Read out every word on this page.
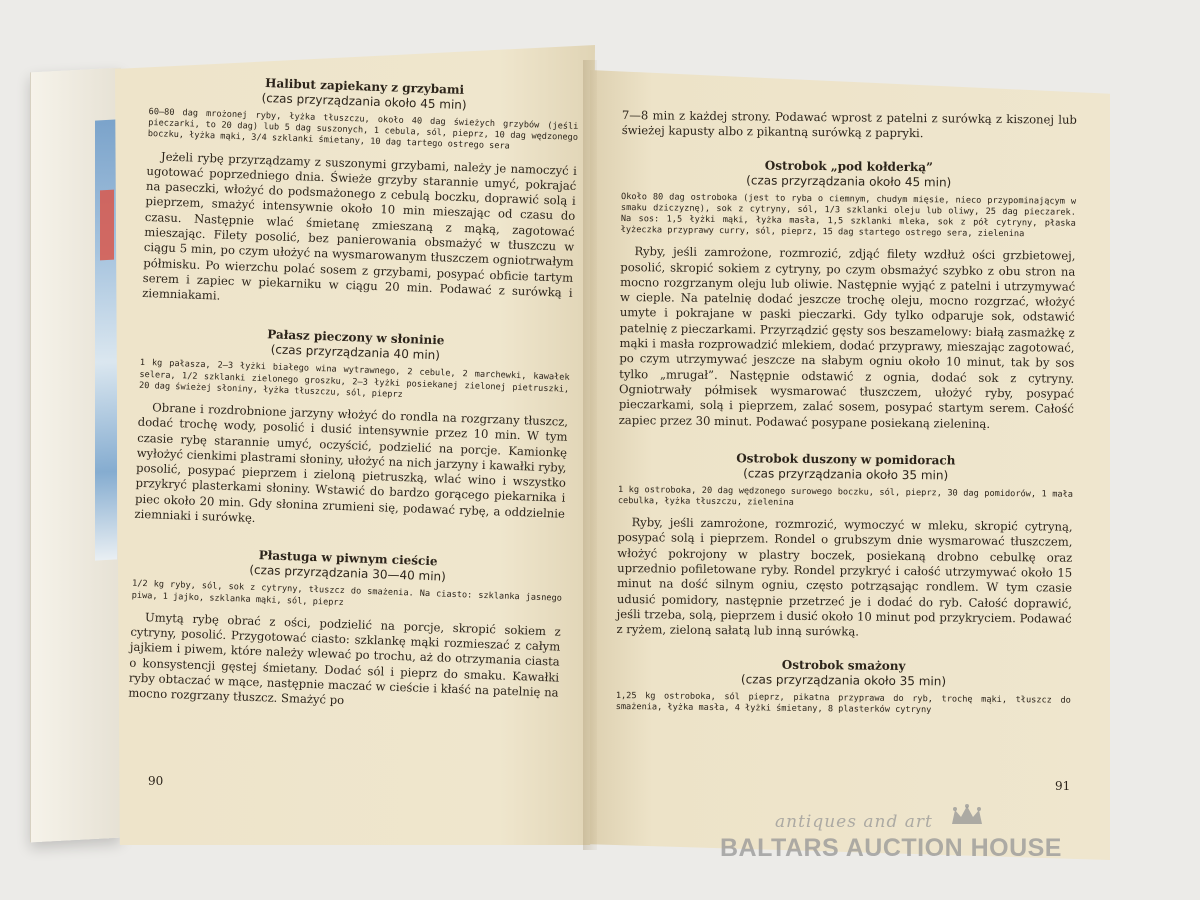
Halibut zapiekany z grzybami
(czas przyrządzania około 45 min)

60—80 dag mrożonej ryby, łyżka tłuszczu, około 40 dag świeżych grzybów (jeśli pieczarki, to 20 dag) lub 5 dag suszonych, 1 cebula, sól, pieprz, 10 dag wędzonego boczku, łyżka mąki, 3/4 szklanki śmietany, 10 dag tartego ostrego sera

Jeżeli rybę przyrządzamy z suszonymi grzybami, należy je namoczyć i ugotować poprzedniego dnia. Świeże grzyby starannie umyć, pokrajać na paseczki, włożyć do podsmażonego z cebulą boczku, doprawić solą i pieprzem, smażyć intensywnie około 10 min mieszając od czasu do czasu. Następnie wlać śmietanę zmieszaną z mąką, zagotować mieszając. Filety posolić, bez panierowania obsmażyć w tłuszczu w ciągu 5 min, po czym ułożyć na wysmarowanym tłuszczem ogniotrwałym półmisku. Po wierzchu polać sosem z grzybami, posypać obficie tartym serem i zapiec w piekarniku w ciągu 20 min. Podawać z surówką i ziemniakami.

Pałasz pieczony w słoninie
(czas przyrządzania 40 min)

1 kg pałasza, 2—3 łyżki białego wina wytrawnego, 2 cebule, 2 marchewki, kawałek selera, 1/2 szklanki zielonego groszku, 2—3 łyżki posiekanej zielonej pietruszki, 20 dag świeżej słoniny, łyżka tłuszczu, sól, pieprz

Obrane i rozdrobnione jarzyny włożyć do rondla na rozgrzany tłuszcz, dodać trochę wody, posolić i dusić intensywnie przez 10 min. W tym czasie rybę starannie umyć, oczyścić, podzielić na porcje. Kamionkę wyłożyć cienkimi plastrami słoniny, ułożyć na nich jarzyny i kawałki ryby, posolić, posypać pieprzem i zieloną pietruszką, wlać wino i wszystko przykryć plasterkami słoniny. Wstawić do bardzo gorącego piekarnika i piec około 20 min. Gdy słonina zrumieni się, podawać rybę, a oddzielnie ziemniaki i surówkę.

Płastuga w piwnym cieście
(czas przyrządzania 30—40 min)

1/2 kg ryby, sól, sok z cytryny, tłuszcz do smażenia. Na ciasto: szklanka jasnego piwa, 1 jajko, szklanka mąki, sól, pieprz

Umytą rybę obrać z ości, podzielić na porcje, skropić sokiem z cytryny, posolić. Przygotować ciasto: szklankę mąki rozmieszać z całym jajkiem i piwem, które należy wlewać po trochu, aż do otrzymania ciasta o konsystencji gęstej śmietany. Dodać sól i pieprz do smaku. Kawałki ryby obtaczać w mące, następnie maczać w cieście i kłaść na patelnię na mocno rozgrzany tłuszcz. Smażyć po

90

7—8 min z każdej strony. Podawać wprost z patelni z surówką z kiszonej lub świeżej kapusty albo z pikantną surówką z papryki.

Ostrobok „pod kołderką”
(czas przyrządzania około 45 min)

Około 80 dag ostroboka (jest to ryba o ciemnym, chudym mięsie, nieco przypominającym w smaku dziczyznę), sok z cytryny, sól, 1/3 szklanki oleju lub oliwy, 25 dag pieczarek. Na sos: 1,5 łyżki mąki, łyżka masła, 1,5 szklanki mleka, sok z pół cytryny, płaska łyżeczka przyprawy curry, sól, pieprz, 15 dag startego ostrego sera, zielenina

Ryby, jeśli zamrożone, rozmrozić, zdjąć filety wzdłuż ości grzbietowej, posolić, skropić sokiem z cytryny, po czym obsmażyć szybko z obu stron na mocno rozgrzanym oleju lub oliwie. Następnie wyjąć z patelni i utrzymywać w cieple. Na patelnię dodać jeszcze trochę oleju, mocno rozgrzać, włożyć umyte i pokrajane w paski pieczarki. Gdy tylko odparuje sok, odstawić patelnię z pieczarkami. Przyrządzić gęsty sos beszamelowy: białą zasmażkę z mąki i masła rozprowadzić mlekiem, dodać przyprawy, mieszając zagotować, po czym utrzymywać jeszcze na słabym ogniu około 10 minut, tak by sos tylko „mrugał”. Następnie odstawić z ognia, dodać sok z cytryny. Ogniotrwały półmisek wysmarować tłuszczem, ułożyć ryby, posypać pieczarkami, solą i pieprzem, zalać sosem, posypać startym serem. Całość zapiec przez 30 minut. Podawać posypane posiekaną zieleniną.

Ostrobok duszony w pomidorach
(czas przyrządzania około 35 min)

1 kg ostroboka, 20 dag wędzonego surowego boczku, sól, pieprz, 30 dag pomidorów, 1 mała cebulka, łyżka tłuszczu, zielenina

Ryby, jeśli zamrożone, rozmrozić, wymoczyć w mleku, skropić cytryną, posypać solą i pieprzem. Rondel o grubszym dnie wysmarować tłuszczem, włożyć pokrojony w plastry boczek, posiekaną drobno cebulkę oraz uprzednio pofiletowane ryby. Rondel przykryć i całość utrzymywać około 15 minut na dość silnym ogniu, często potrząsając rondlem. W tym czasie udusić pomidory, następnie przetrzeć je i dodać do ryb. Całość doprawić, jeśli trzeba, solą, pieprzem i dusić około 10 minut pod przykryciem. Podawać z ryżem, zieloną sałatą lub inną surówką.

Ostrobok smażony
(czas przyrządzania około 35 min)

1,25 kg ostroboka, sól pieprz, pikatna przyprawa do ryb, trochę mąki, tłuszcz do smażenia, łyżka masła, 4 łyżki śmietany, 8 plasterków cytryny

91
antiques and art
BALTARS AUCTION HOUSE
